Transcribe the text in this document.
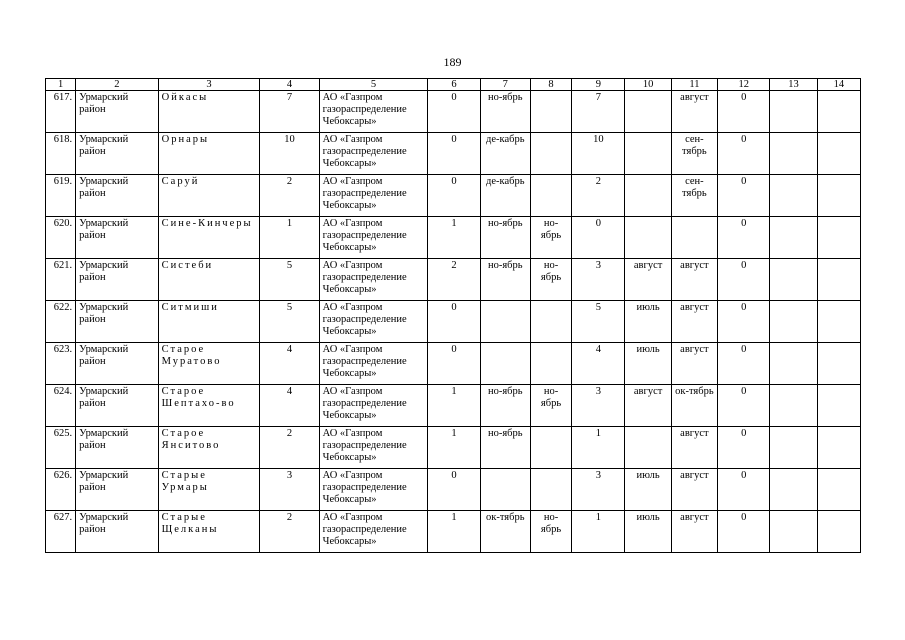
189
1	2	3	4	5	6	7	8	9	10	11	12	13	14
617.	Урмарский район	Ойкасы	7	АО «Газпром газораспределение Чебоксары»	0	но-ябрь		7		август	0		
618.	Урмарский район	Орнары	10	АО «Газпром газораспределение Чебоксары»	0	де-кабрь		10		сен-тябрь	0		
619.	Урмарский район	Саруй	2	АО «Газпром газораспределение Чебоксары»	0	де-кабрь		2		сен-тябрь	0		
620.	Урмарский район	Сине-Кинчеры	1	АО «Газпром газораспределение Чебоксары»	1	но-ябрь	но-ябрь	0			0		
621.	Урмарский район	Систеби	5	АО «Газпром газораспределение Чебоксары»	2	но-ябрь	но-ябрь	3	август	август	0		
622.	Урмарский район	Ситмиши	5	АО «Газпром газораспределение Чебоксары»	0			5	июль	август	0		
623.	Урмарский район	Старое Муратово	4	АО «Газпром газораспределение Чебоксары»	0			4	июль	август	0		
624.	Урмарский район	Старое Шептахо-во	4	АО «Газпром газораспределение Чебоксары»	1	но-ябрь	но-ябрь	3	август	ок-тябрь	0		
625.	Урмарский район	Старое Янситово	2	АО «Газпром газораспределение Чебоксары»	1	но-ябрь		1		август	0		
626.	Урмарский район	Старые Урмары	3	АО «Газпром газораспределение Чебоксары»	0			3	июль	август	0		
627.	Урмарский район	Старые Щелканы	2	АО «Газпром газораспределение Чебоксары»	1	ок-тябрь	но-ябрь	1	июль	август	0		
